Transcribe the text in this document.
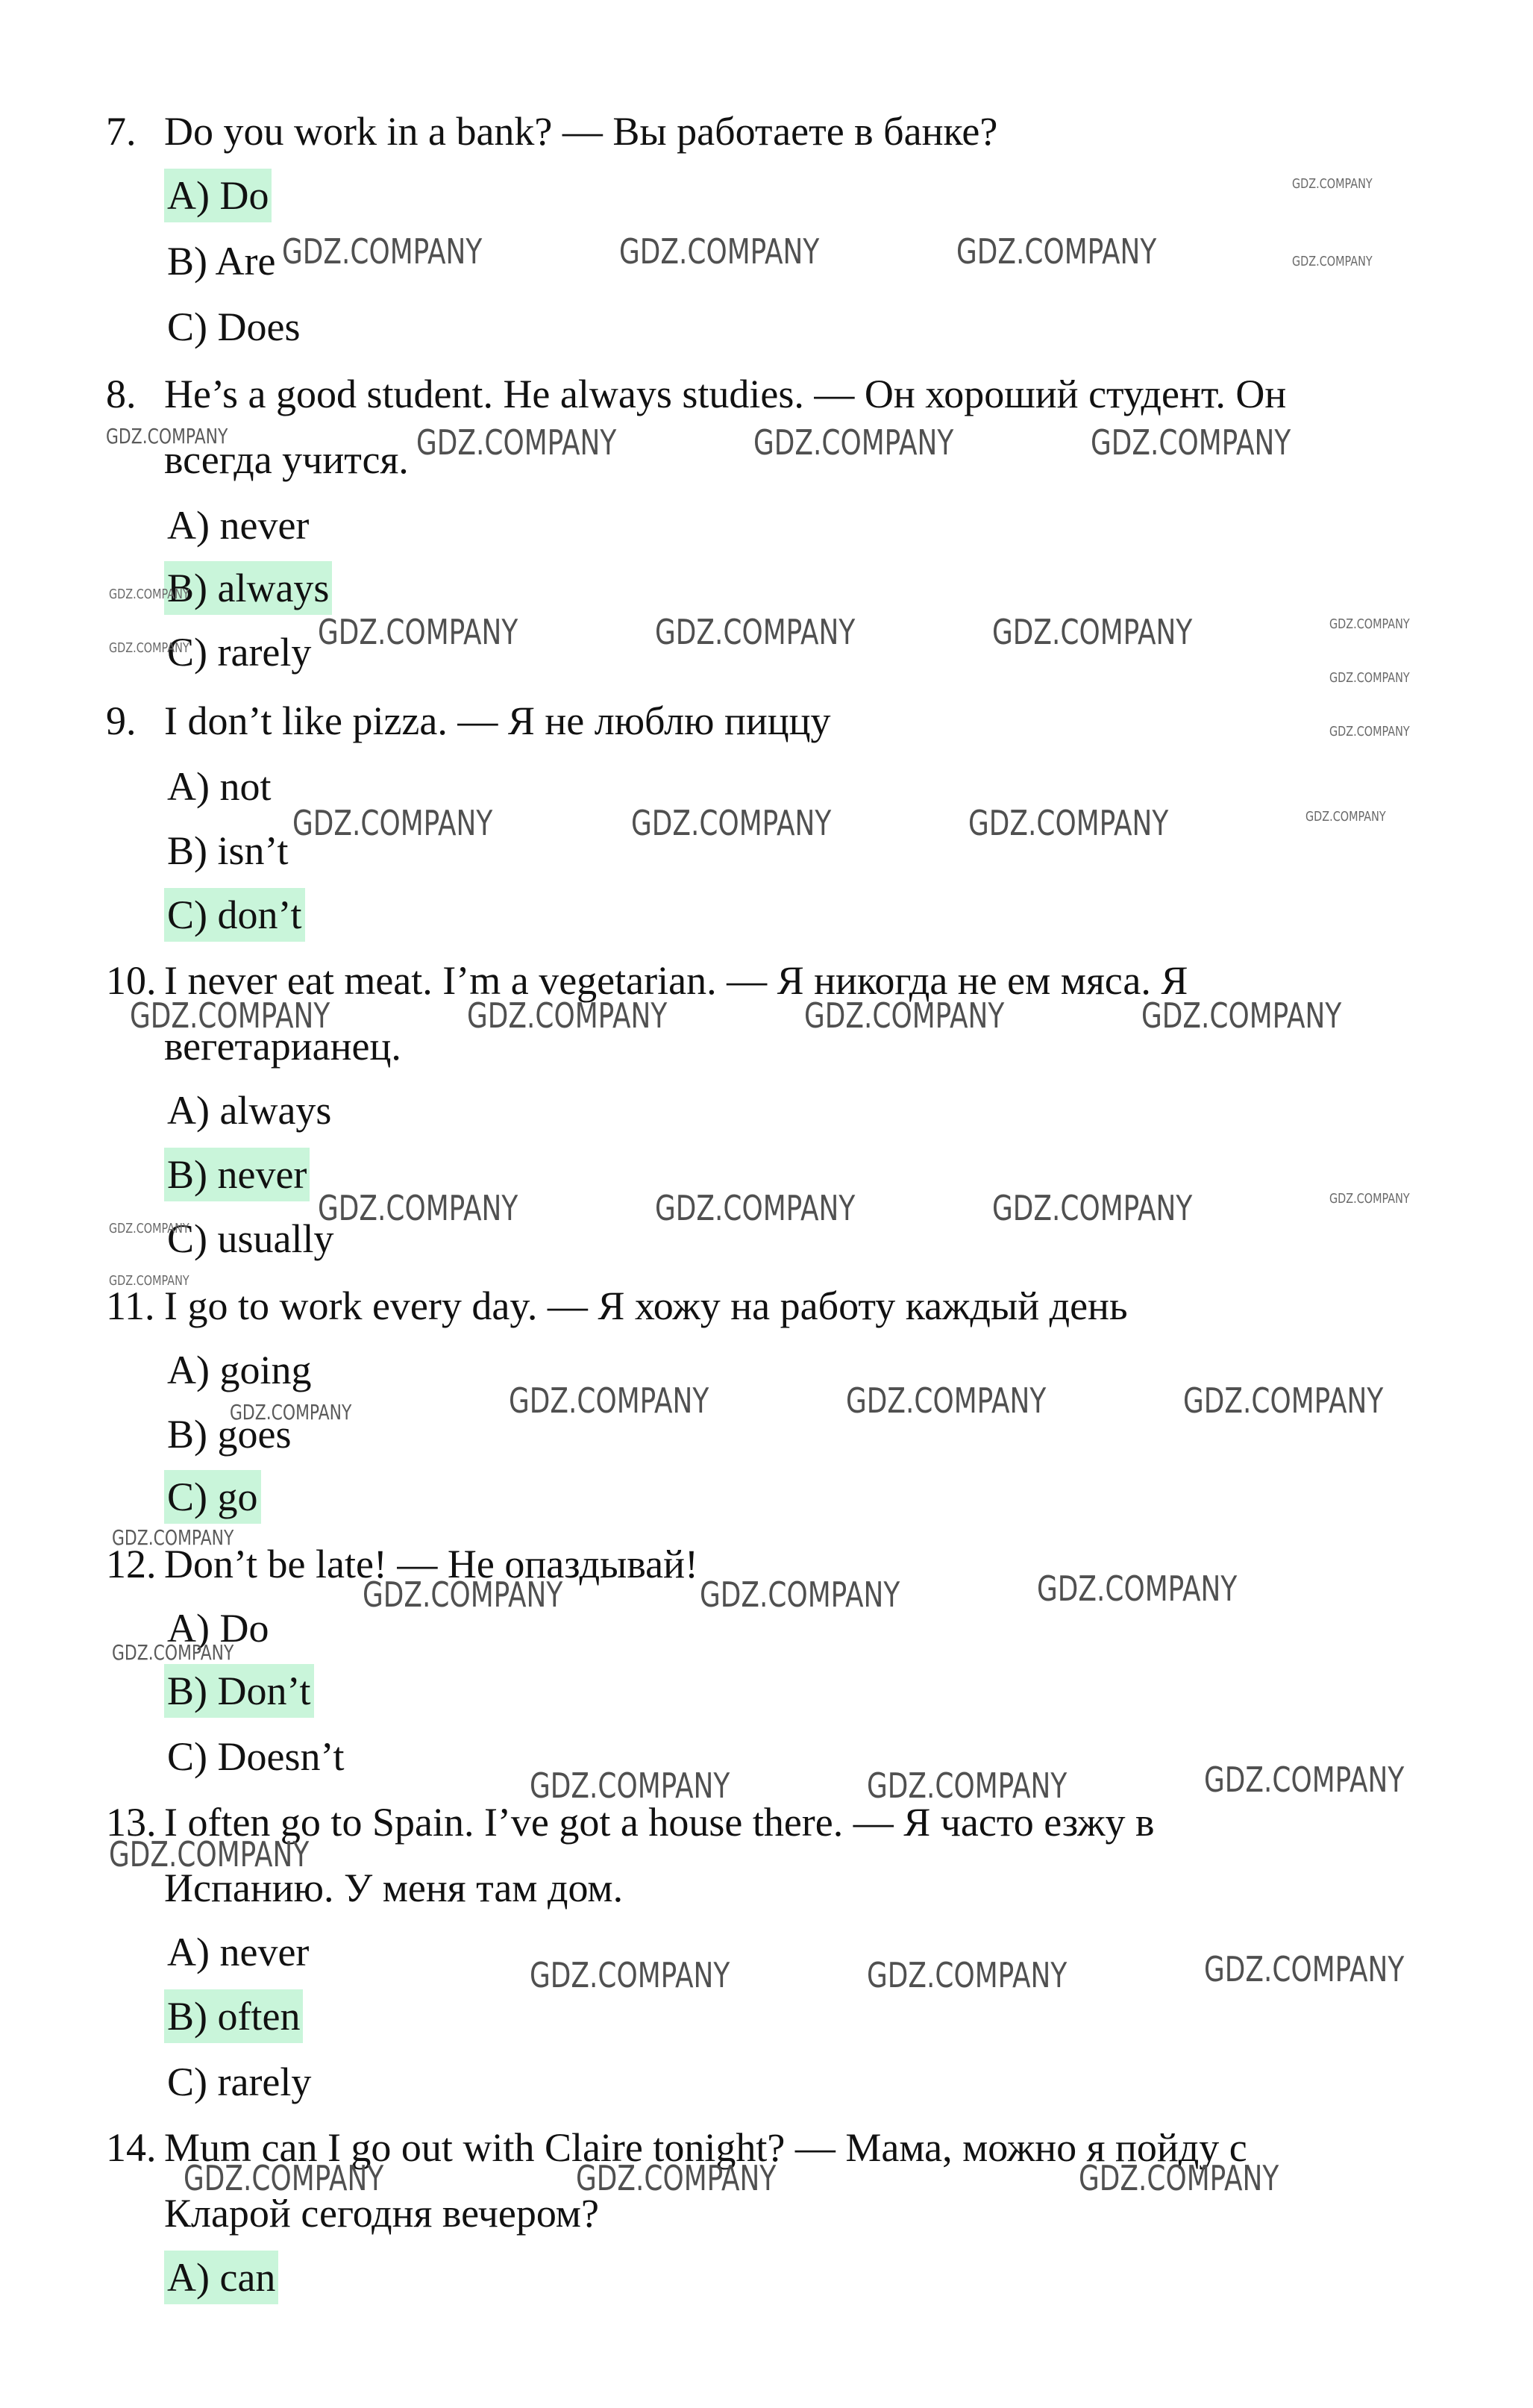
7. Do you work in a bank? — Вы работаете в банке?
A) Do
B) Are
C) Does
8. He’s a good student. He always studies. — Он хороший студент. Он
всегда учится.
A) never
B) always
C) rarely
9. I don’t like pizza. — Я не люблю пиццу
A) not
B) isn’t
C) don’t
10. I never eat meat. I’m a vegetarian. — Я никогда не ем мяса. Я
вегетарианец.
A) always
B) never
C) usually
11. I go to work every day. — Я хожу на работу каждый день
A) going
B) goes
C) go
12. Don’t be late! — Не опаздывай!
A) Do
B) Don’t
C) Doesn’t
13. I often go to Spain. I’ve got a house there. — Я часто езжу в
Испанию. У меня там дом.
A) never
B) often
C) rarely
14. Mum can I go out with Claire tonight? — Мама, можно я пойду с
Кларой сегодня вечером?
A) can
GDZ.COMPANY	GDZ.COMPANY	GDZ.COMPANY
GDZ.COMPANY
GDZ.COMPANY
GDZ.COMPANY	GDZ.COMPANY	GDZ.COMPANY	GDZ.COMPANY
GDZ.COMPANY
GDZ.COMPANY	GDZ.COMPANY	GDZ.COMPANY	GDZ.COMPANY	GDZ.COMPANY
GDZ.COMPANY
GDZ.COMPANY
GDZ.COMPANY	GDZ.COMPANY	GDZ.COMPANY	GDZ.COMPANY
GDZ.COMPANY	GDZ.COMPANY	GDZ.COMPANY	GDZ.COMPANY
GDZ.COMPANY	GDZ.COMPANY	GDZ.COMPANY	GDZ.COMPANY
GDZ.COMPANY
GDZ.COMPANY
GDZ.COMPANY	GDZ.COMPANY	GDZ.COMPANY	GDZ.COMPANY
GDZ.COMPANY
GDZ.COMPANY	GDZ.COMPANY	GDZ.COMPANY
GDZ.COMPANY
GDZ.COMPANY	GDZ.COMPANY	GDZ.COMPANY
GDZ.COMPANY
GDZ.COMPANY	GDZ.COMPANY	GDZ.COMPANY
GDZ.COMPANY	GDZ.COMPANY	GDZ.COMPANY
